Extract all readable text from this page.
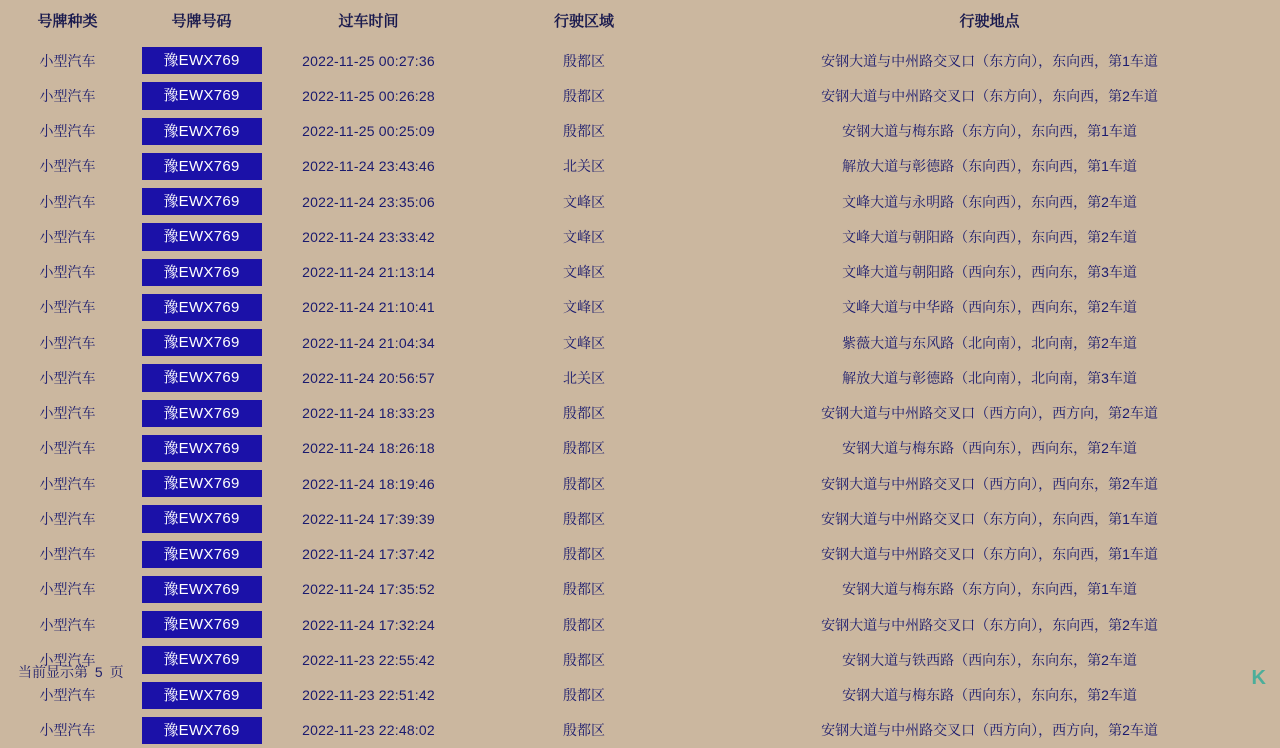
号牌种类	号牌号码	过车时间	行驶区域	行驶地点
小型汽车	豫EWX769	2022-11-25 00:27:36	殷都区	安钢大道与中州路交叉口（东方向），东向西，第1车道
小型汽车	豫EWX769	2022-11-25 00:26:28	殷都区	安钢大道与中州路交叉口（东方向），东向西，第2车道
小型汽车	豫EWX769	2022-11-25 00:25:09	殷都区	安钢大道与梅东路（东方向），东向西，第1车道
小型汽车	豫EWX769	2022-11-24 23:43:46	北关区	解放大道与彰德路（东向西），东向西，第1车道
小型汽车	豫EWX769	2022-11-24 23:35:06	文峰区	文峰大道与永明路（东向西），东向西，第2车道
小型汽车	豫EWX769	2022-11-24 23:33:42	文峰区	文峰大道与朝阳路（东向西），东向西，第2车道
小型汽车	豫EWX769	2022-11-24 21:13:14	文峰区	文峰大道与朝阳路（西向东），西向东，第3车道
小型汽车	豫EWX769	2022-11-24 21:10:41	文峰区	文峰大道与中华路（西向东），西向东，第2车道
小型汽车	豫EWX769	2022-11-24 21:04:34	文峰区	紫薇大道与东风路（北向南），北向南，第2车道
小型汽车	豫EWX769	2022-11-24 20:56:57	北关区	解放大道与彰德路（北向南），北向南，第3车道
小型汽车	豫EWX769	2022-11-24 18:33:23	殷都区	安钢大道与中州路交叉口（西方向），西方向，第2车道
小型汽车	豫EWX769	2022-11-24 18:26:18	殷都区	安钢大道与梅东路（西向东），西向东，第2车道
小型汽车	豫EWX769	2022-11-24 18:19:46	殷都区	安钢大道与中州路交叉口（西方向），西向东，第2车道
小型汽车	豫EWX769	2022-11-24 17:39:39	殷都区	安钢大道与中州路交叉口（东方向），东向西，第1车道
小型汽车	豫EWX769	2022-11-24 17:37:42	殷都区	安钢大道与中州路交叉口（东方向），东向西，第1车道
小型汽车	豫EWX769	2022-11-24 17:35:52	殷都区	安钢大道与梅东路（东方向），东向西，第1车道
小型汽车	豫EWX769	2022-11-24 17:32:24	殷都区	安钢大道与中州路交叉口（东方向），东向西，第2车道
小型汽车	豫EWX769	2022-11-23 22:55:42	殷都区	安钢大道与铁西路（西向东），东向东，第2车道
小型汽车	豫EWX769	2022-11-23 22:51:42	殷都区	安钢大道与梅东路（西向东），东向东，第2车道
小型汽车	豫EWX769	2022-11-23 22:48:02	殷都区	安钢大道与中州路交叉口（西方向），西方向，第2车道
当前显示第 5 页	K
